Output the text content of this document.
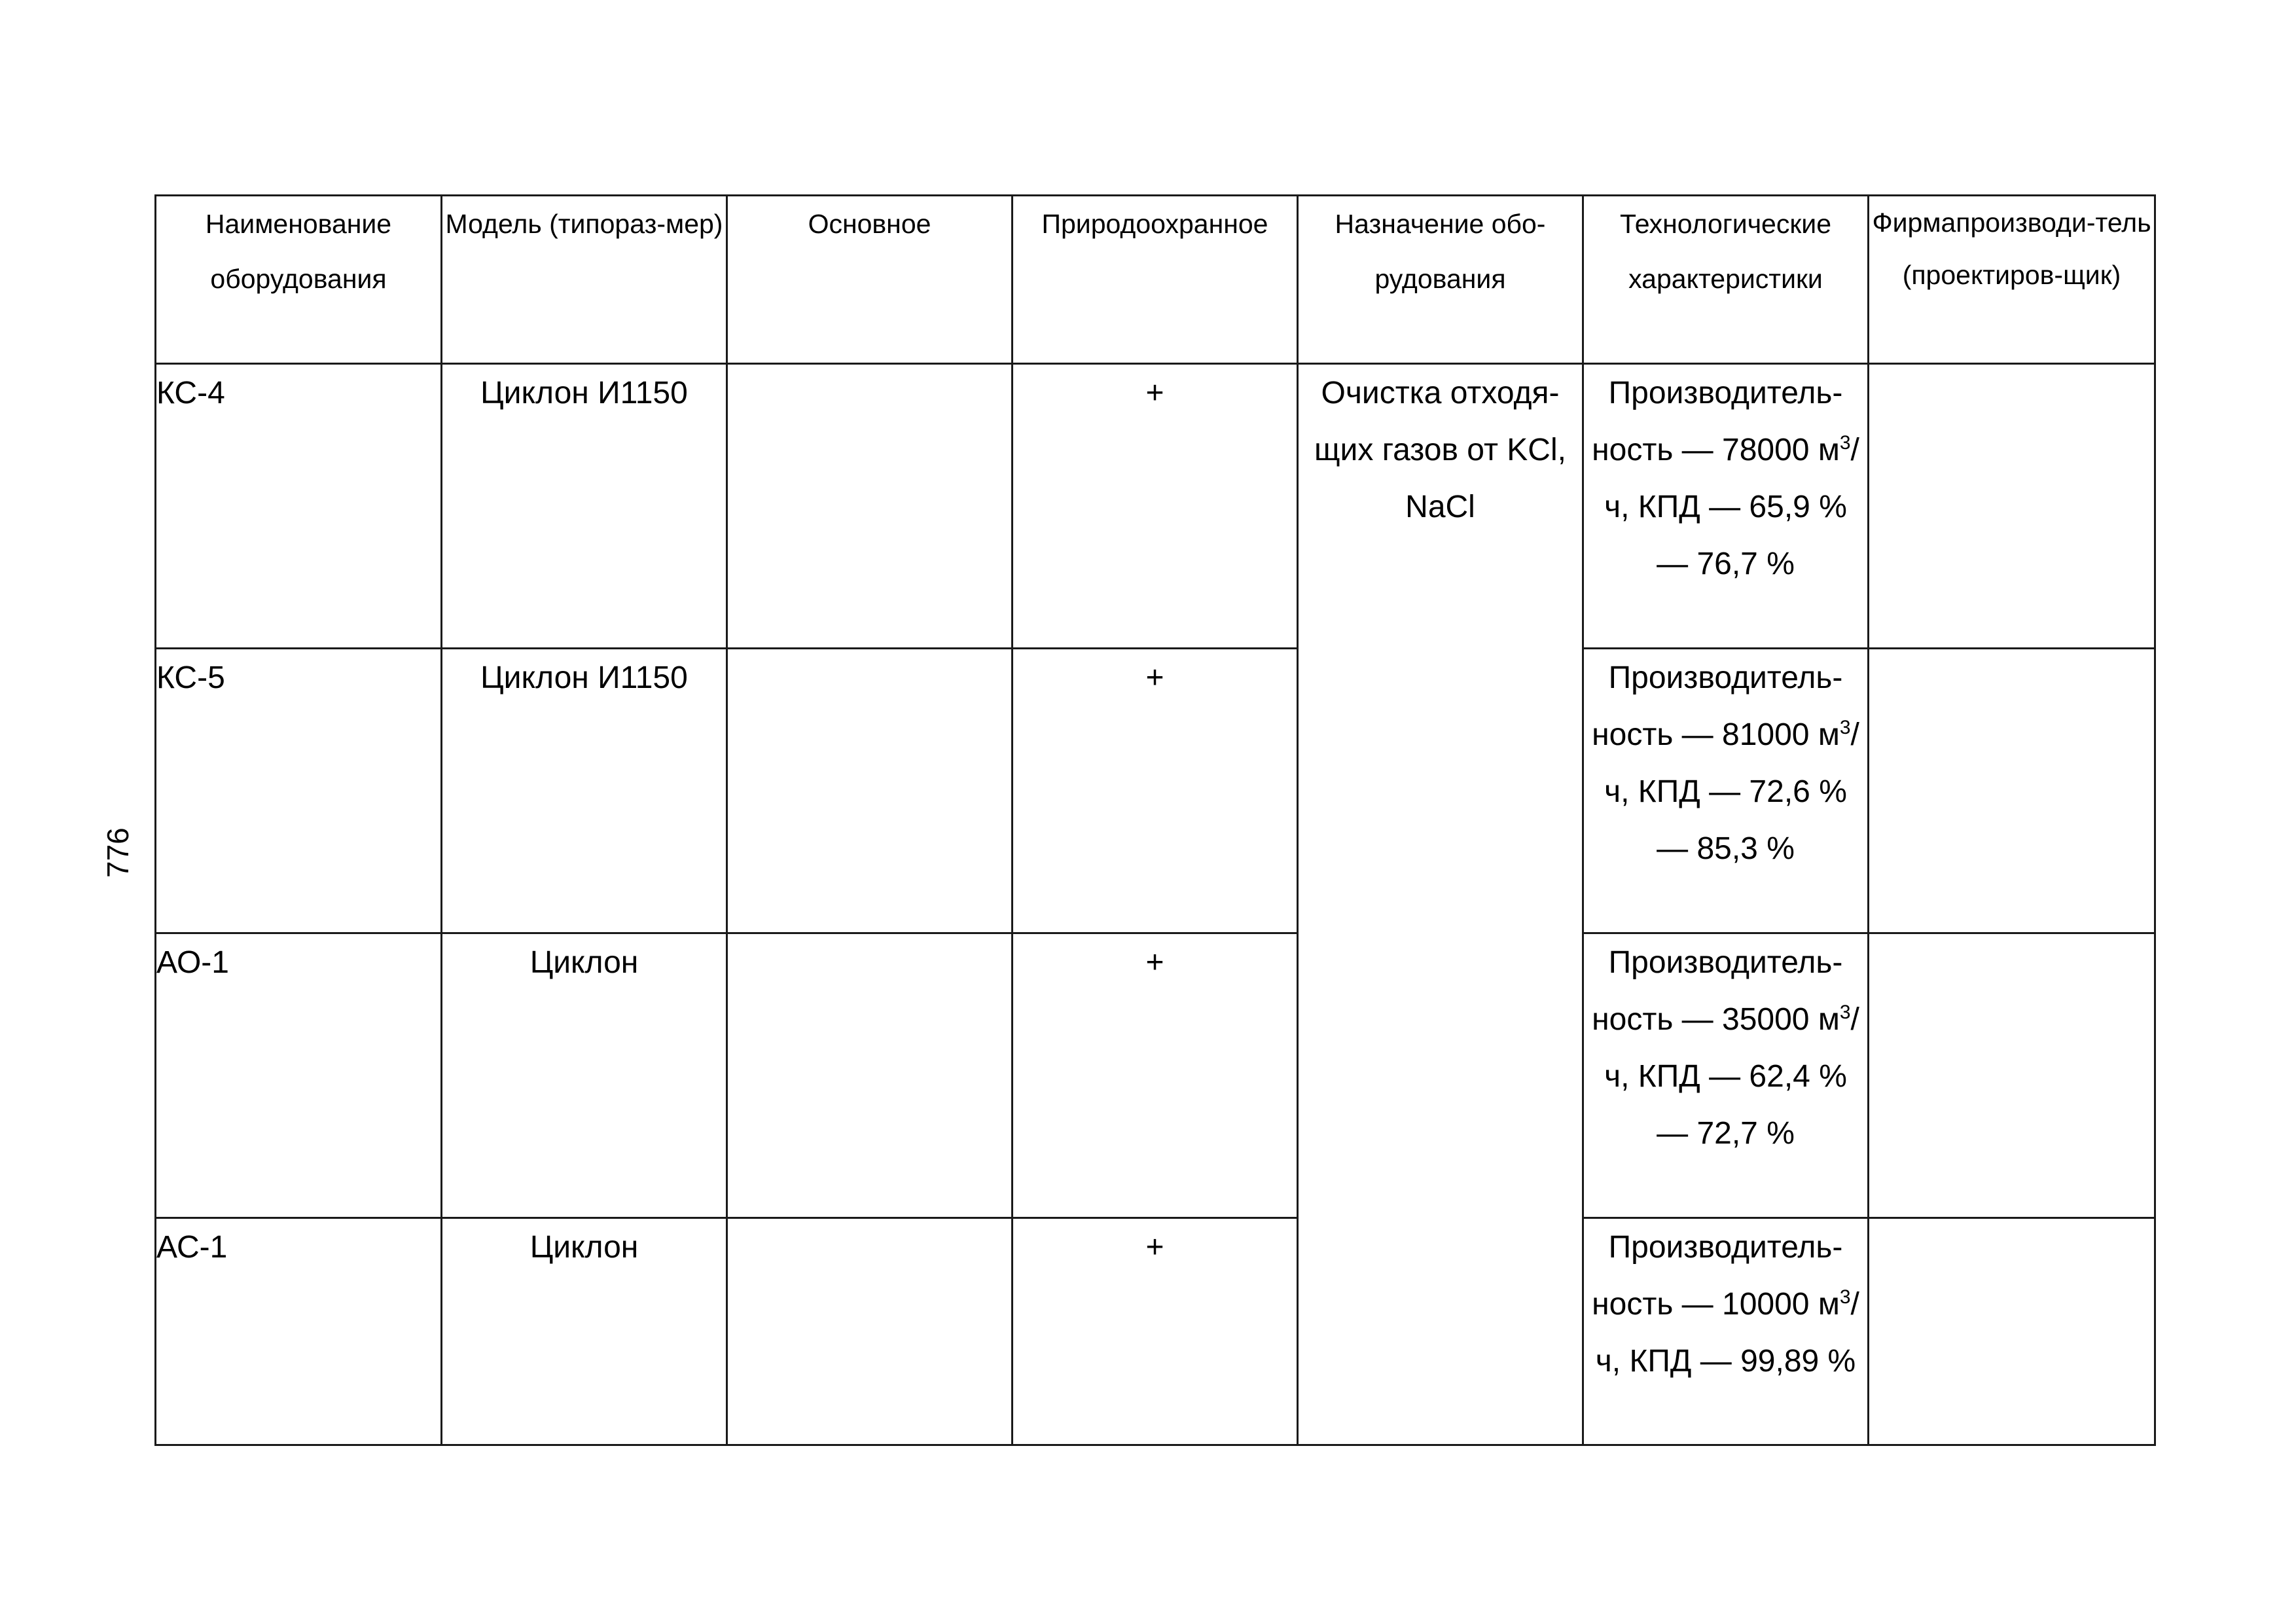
776
Наименование оборудования	Модель (типораз-мер)	Основное	Природоохранное	Назначение обо-рудования	Технологические характеристики	Фирмапроизводи-тель (проектиров-щик)

КС-4	Циклон И1150		+	Очистка отходя-щих газов от KCl, NaCl	Производитель-ность — 78000 $м^3/ч$, КПД — 65,9 % — 76,7 %	

КС-5	Циклон И1150		+		Производитель-ность — 81000 $м^3/ч$, КПД — 72,6 % — 85,3 %	

АО-1	Циклон		+		Производитель-ность — 35000 $м^3/ч$, КПД — 62,4 % — 72,7 %	

АС-1	Циклон		+		Производитель-ность — 10000 $м^3/ч$, КПД — 99,89 %	
